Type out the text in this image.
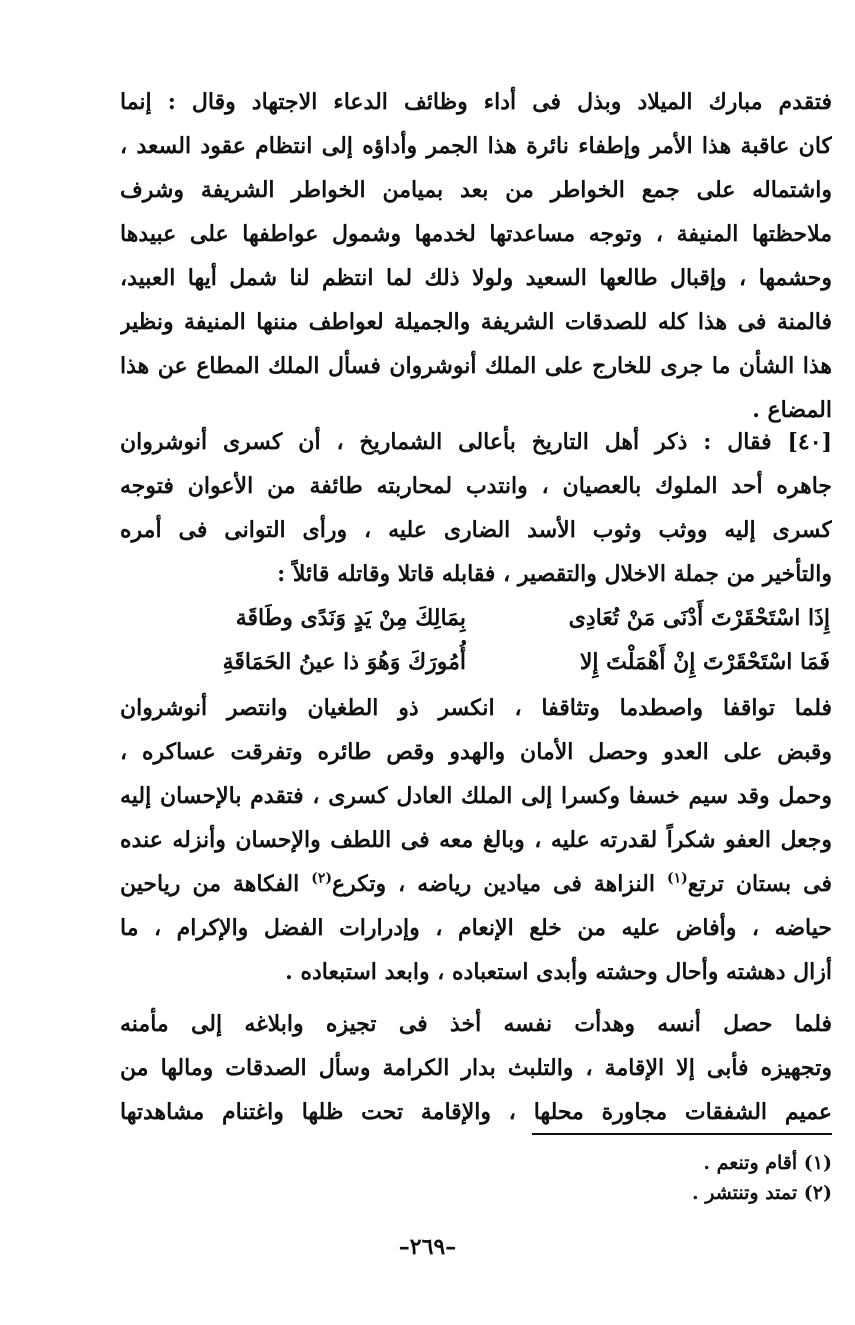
فتقدم مبارك الميلاد وبذل فى أداء وظائف الدعاء الاجتهاد وقال : إنما
كان عاقبة هذا الأمر وإطفاء نائرة هذا الجمر وأداؤه إلى انتظام عقود السعد ،
واشتماله على جمع الخواطر من بعد بميامن الخواطر الشريفة وشرف
ملاحظتها المنيفة ، وتوجه مساعدتها لخدمها وشمول عواطفها على عبيدها
وحشمها ، وإقبال طالعها السعيد ولولا ذلك لما انتظم لنا شمل أيها العبيد،
فالمنة فى هذا كله للصدقات الشريفة والجميلة لعواطف مننها المنيفة ونظير
هذا الشأن ما جرى للخارج على الملك أنوشروان فسأل الملك المطاع عن هذا
المضاع .
[٤٠] فقال : ذكر أهل التاريخ بأعالى الشماريخ ، أن كسرى أنوشروان
جاهره أحد الملوك بالعصيان ، وانتدب لمحاربته طائفة من الأعوان فتوجه
كسرى إليه ووثب وثوب الأسد الضارى عليه ، ورأى التوانى فى أمره
والتأخير من جملة الاخلال والتقصير ، فقابله قاتلا وقاتله قائلاً :
إِذَا اسْتَحْقَرْتَ أَدْنَى مَنْ تُعَادِى
بِمَالِكَ مِنْ يَدٍ وَنَدًى وطَاقَة
فَمَا اسْتَحْقَرْتَ إِنْ أَهْمَلْتَ إِلا
أُمُورَكَ وَهُوَ ذا عينُ الحَمَاقَةِ
فلما تواقفا واصطدما وتثاقفا ، انكسر ذو الطغيان وانتصر أنوشروان
وقبض على العدو وحصل الأمان والهدو وقص طائره وتفرقت عساكره ،
وحمل وقد سيم خسفا وكسرا إلى الملك العادل كسرى ، فتقدم بالإحسان إليه
وجعل العفو شكراً لقدرته عليه ، وبالغ معه فى اللطف والإحسان وأنزله عنده
فى بستان ترتع$^{(١)}$ النزاهة فى ميادين رياضه ، وتكرع$^{(٢)}$ الفكاهة من رياحين
حياضه ، وأفاض عليه من خلع الإنعام ، وإدرارات الفضل والإكرام ، ما
أزال دهشته وأحال وحشته وأبدى استعباده ، وابعد استبعاده .
فلما حصل أنسه وهدأت نفسه أخذ فى تجيزه وابلاغه إلى مأمنه
وتجهيزه فأبى إلا الإقامة ، والتلبث بدار الكرامة وسأل الصدقات ومالها من
عميم الشفقات مجاورة محلها ، والإقامة تحت ظلها واغتنام مشاهدتها
(١) أقام وتنعم .
(٢) تمتد وتنتشر .
–٢٦٩–
